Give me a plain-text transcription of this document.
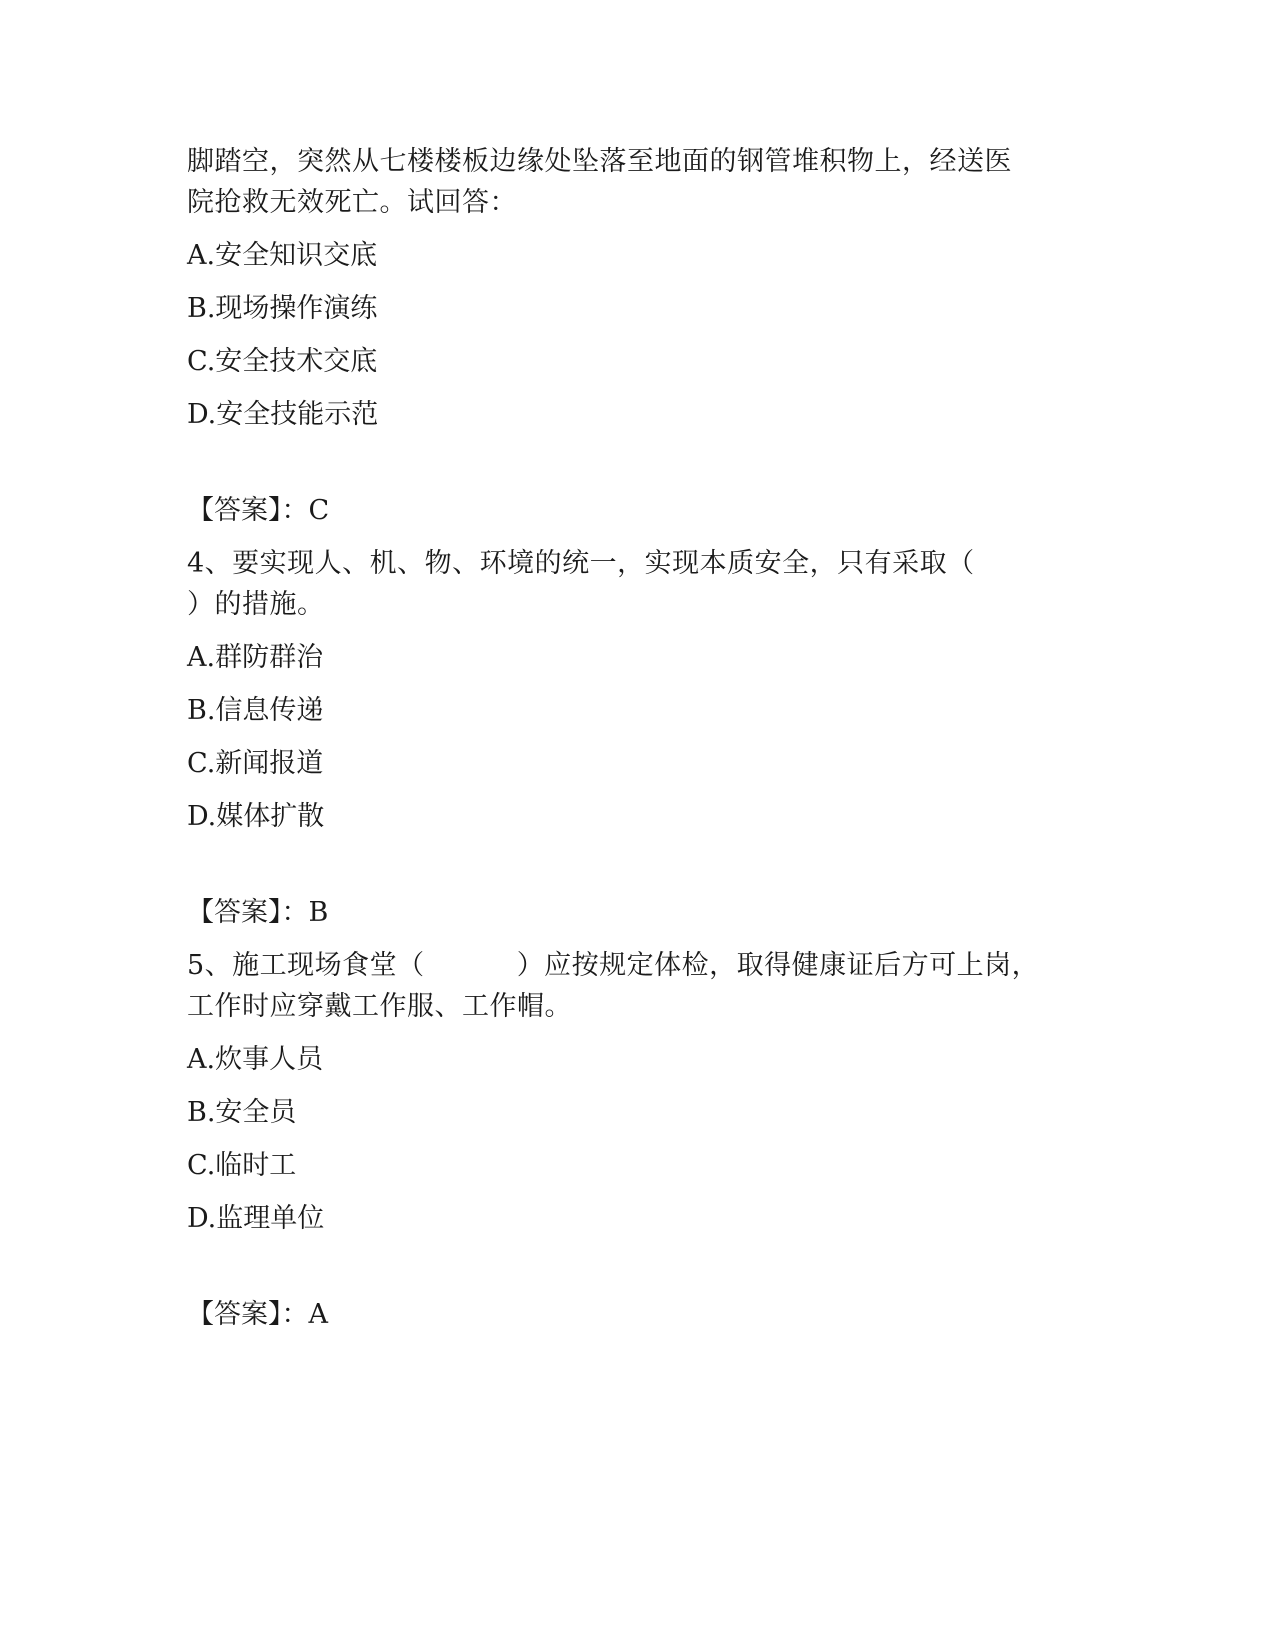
脚踏空，突然从七楼楼板边缘处坠落至地面的钢管堆积物上，经送医
院抢救无效死亡。试回答：
A.安全知识交底
B.现场操作演练
C.安全技术交底
D.安全技能示范
【答案】：C
4、要实现人、机、物、环境的统一，实现本质安全，只有采取（
）的措施。
A.群防群治
B.信息传递
C.新闻报道
D.媒体扩散
【答案】：B
5、施工现场食堂（	）应按规定体检，取得健康证后方可上岗，
工作时应穿戴工作服、工作帽。
A.炊事人员
B.安全员
C.临时工
D.监理单位
【答案】：A
